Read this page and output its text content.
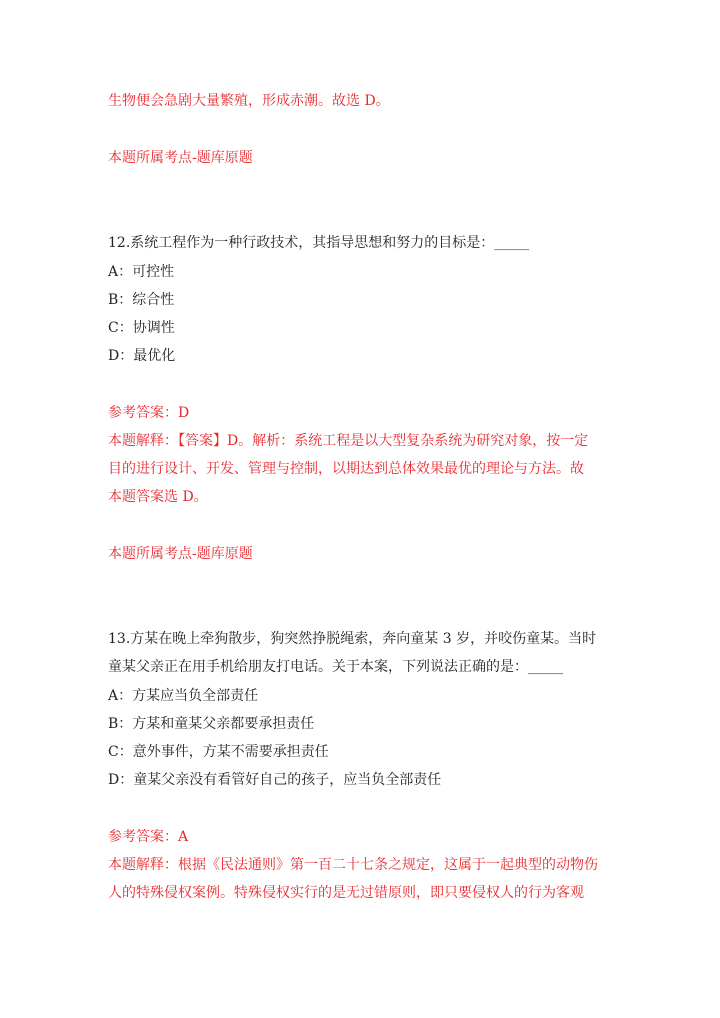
生物便会急剧大量繁殖，形成赤潮。故选 D。
本题所属考点-题库原题
12.系统工程作为一种行政技术，其指导思想和努力的目标是：_____
A：可控性
B：综合性
C：协调性
D：最优化
参考答案：D
本题解释：【答案】D。解析：系统工程是以大型复杂系统为研究对象，按一定
目的进行设计、开发、管理与控制，以期达到总体效果最优的理论与方法。故
本题答案选 D。
本题所属考点-题库原题
13.方某在晚上牵狗散步，狗突然挣脱绳索，奔向童某 3 岁，并咬伤童某。当时
童某父亲正在用手机给朋友打电话。关于本案，下列说法正确的是：_____
A：方某应当负全部责任
B：方某和童某父亲都要承担责任
C：意外事件，方某不需要承担责任
D：童某父亲没有看管好自己的孩子，应当负全部责任
参考答案：A
本题解释：根据《民法通则》第一百二十七条之规定，这属于一起典型的动物伤
人的特殊侵权案例。特殊侵权实行的是无过错原则，即只要侵权人的行为客观
